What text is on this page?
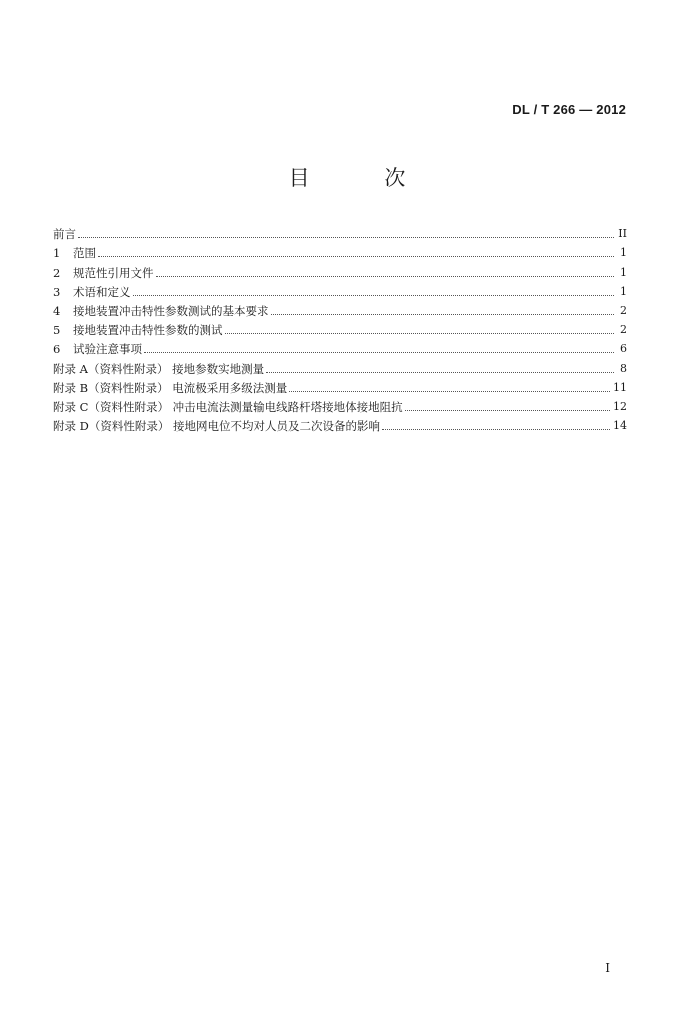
DL / T 266 — 2012
目 次
前言	II
1 范围	1
2 规范性引用文件	1
3 术语和定义	1
4 接地装置冲击特性参数测试的基本要求	2
5 接地装置冲击特性参数的测试	2
6 试验注意事项	6
附录 A（资料性附录） 接地参数实地测量	8
附录 B（资料性附录） 电流极采用多级法测量	11
附录 C（资料性附录） 冲击电流法测量输电线路杆塔接地体接地阻抗	12
附录 D（资料性附录） 接地网电位不均对人员及二次设备的影响	14
I
